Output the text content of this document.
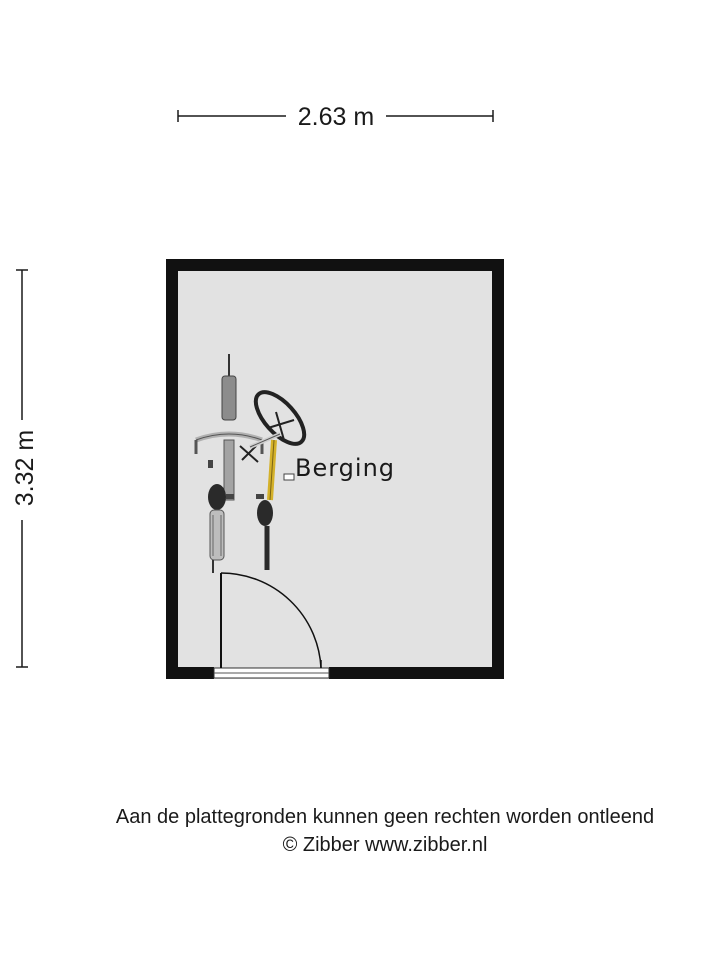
2.63 m
3.32 m	Berging
Aan de plattegronden kunnen geen rechten worden ontleend
© Zibber www.zibber.nl
